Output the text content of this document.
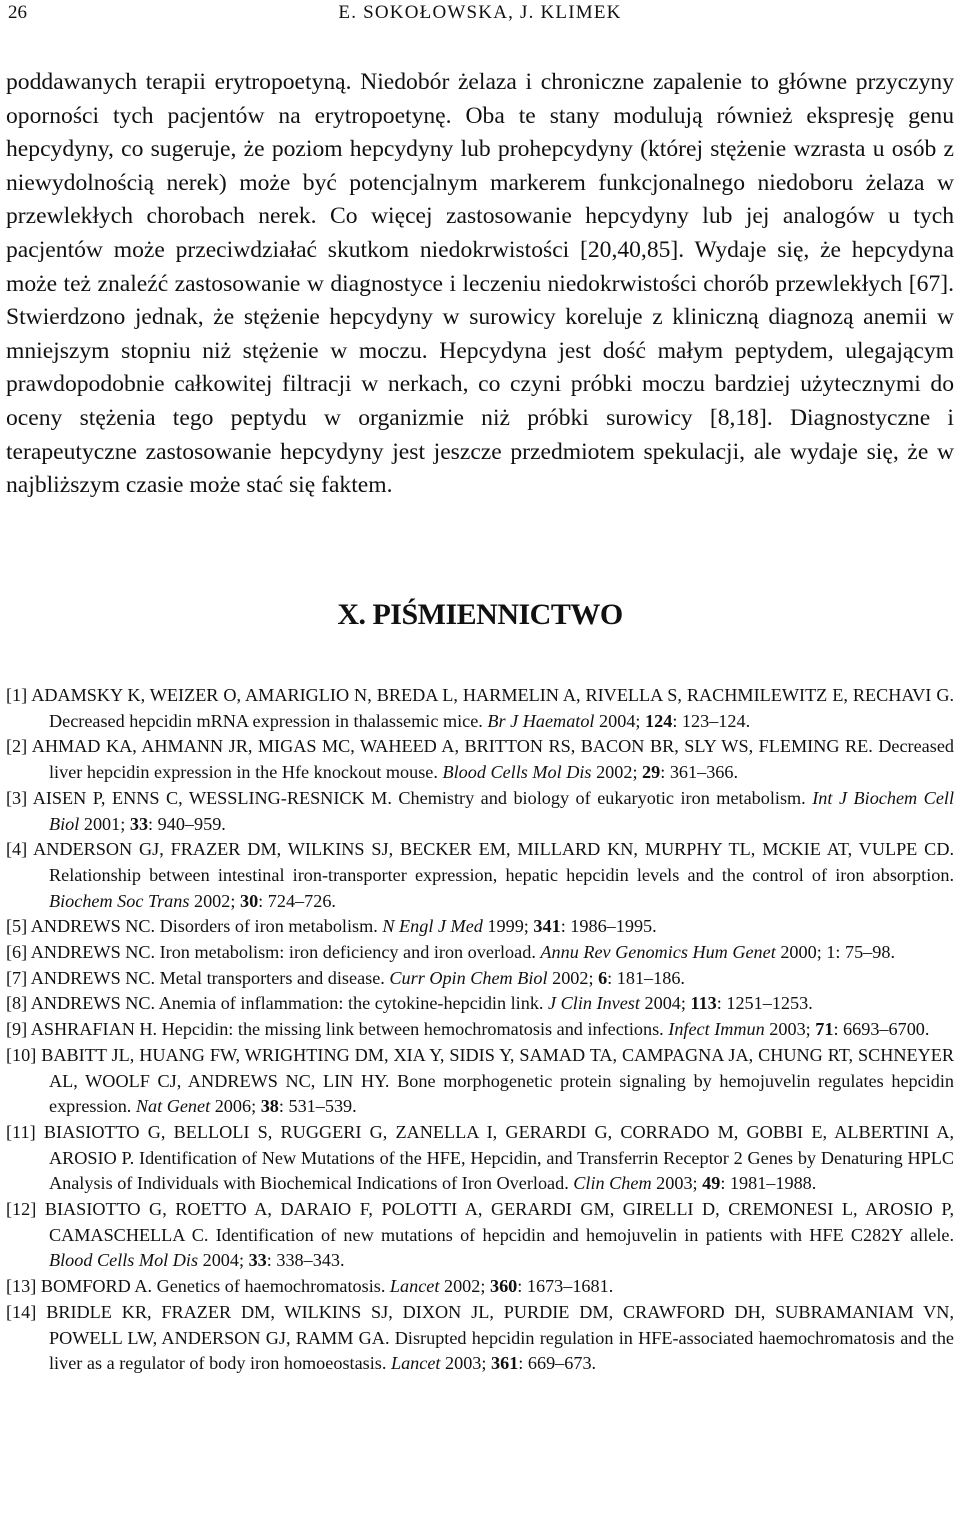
26	E. SOKOŁOWSKA, J. KLIMEK

poddawanych terapii erytropoetyną. Niedobór żelaza i chroniczne zapalenie to główne przyczyny oporności tych pacjentów na erytropoetynę. Oba te stany modulują również ekspresję genu hepcydyny, co sugeruje, że poziom hepcydyny lub prohepcydyny (której stężenie wzrasta u osób z niewydolnością nerek) może być potencjalnym markerem funkcjonalnego niedoboru żelaza w przewlekłych chorobach nerek. Co więcej zastosowanie hepcydyny lub jej analogów u tych pacjentów może przeciwdziałać skutkom niedokrwistości [20,40,85]. Wydaje się, że hepcydyna może też znaleźć zastosowanie w diagnostyce i leczeniu niedokrwistości chorób przewlekłych [67]. Stwierdzono jednak, że stężenie hepcydyny w surowicy koreluje z kliniczną diagnozą anemii w mniejszym stopniu niż stężenie w moczu. Hepcydyna jest dość małym peptydem, ulegającym prawdopodobnie całkowitej filtracji w nerkach, co czyni próbki moczu bardziej użytecznymi do oceny stężenia tego peptydu w organizmie niż próbki surowicy [8,18]. Diagnostyczne i terapeutyczne zastosowanie hepcydyny jest jeszcze przedmiotem spekulacji, ale wydaje się, że w najbliższym czasie może stać się faktem.

X. PIŚMIENNICTWO
[1] ADAMSKY K, WEIZER O, AMARIGLIO N, BREDA L, HARMELIN A, RIVELLA S, RACHMILEWITZ E, RECHAVI G. Decreased hepcidin mRNA expression in thalassemic mice. Br J Haematol 2004; 124: 123–124.
[2] AHMAD KA, AHMANN JR, MIGAS MC, WAHEED A, BRITTON RS, BACON BR, SLY WS, FLEMING RE. Decreased liver hepcidin expression in the Hfe knockout mouse. Blood Cells Mol Dis 2002; 29: 361–366.
[3] AISEN P, ENNS C, WESSLING-RESNICK M. Chemistry and biology of eukaryotic iron metabolism. Int J Biochem Cell Biol 2001; 33: 940–959.
[4] ANDERSON GJ, FRAZER DM, WILKINS SJ, BECKER EM, MILLARD KN, MURPHY TL, MCKIE AT, VULPE CD. Relationship between intestinal iron-transporter expression, hepatic hepcidin levels and the control of iron absorption. Biochem Soc Trans 2002; 30: 724–726.
[5] ANDREWS NC. Disorders of iron metabolism. N Engl J Med 1999; 341: 1986–1995.
[6] ANDREWS NC. Iron metabolism: iron deficiency and iron overload. Annu Rev Genomics Hum Genet 2000; 1: 75–98.
[7] ANDREWS NC. Metal transporters and disease. Curr Opin Chem Biol 2002; 6: 181–186.
[8] ANDREWS NC. Anemia of inflammation: the cytokine-hepcidin link. J Clin Invest 2004; 113: 1251–1253.
[9] ASHRAFIAN H. Hepcidin: the missing link between hemochromatosis and infections. Infect Immun 2003; 71: 6693–6700.
[10] BABITT JL, HUANG FW, WRIGHTING DM, XIA Y, SIDIS Y, SAMAD TA, CAMPAGNA JA, CHUNG RT, SCHNEYER AL, WOOLF CJ, ANDREWS NC, LIN HY. Bone morphogenetic protein signaling by hemojuvelin regulates hepcidin expression. Nat Genet 2006; 38: 531–539.
[11] BIASIOTTO G, BELLOLI S, RUGGERI G, ZANELLA I, GERARDI G, CORRADO M, GOBBI E, ALBERTINI A, AROSIO P. Identification of New Mutations of the HFE, Hepcidin, and Transferrin Receptor 2 Genes by Denaturing HPLC Analysis of Individuals with Biochemical Indications of Iron Overload. Clin Chem 2003; 49: 1981–1988.
[12] BIASIOTTO G, ROETTO A, DARAIO F, POLOTTI A, GERARDI GM, GIRELLI D, CREMONESI L, AROSIO P, CAMASCHELLA C. Identification of new mutations of hepcidin and hemojuvelin in patients with HFE C282Y allele. Blood Cells Mol Dis 2004; 33: 338–343.
[13] BOMFORD A. Genetics of haemochromatosis. Lancet 2002; 360: 1673–1681.
[14] BRIDLE KR, FRAZER DM, WILKINS SJ, DIXON JL, PURDIE DM, CRAWFORD DH, SUBRAMANIAM VN, POWELL LW, ANDERSON GJ, RAMM GA. Disrupted hepcidin regulation in HFE-associated haemochromatosis and the liver as a regulator of body iron homoeostasis. Lancet 2003; 361: 669–673.
